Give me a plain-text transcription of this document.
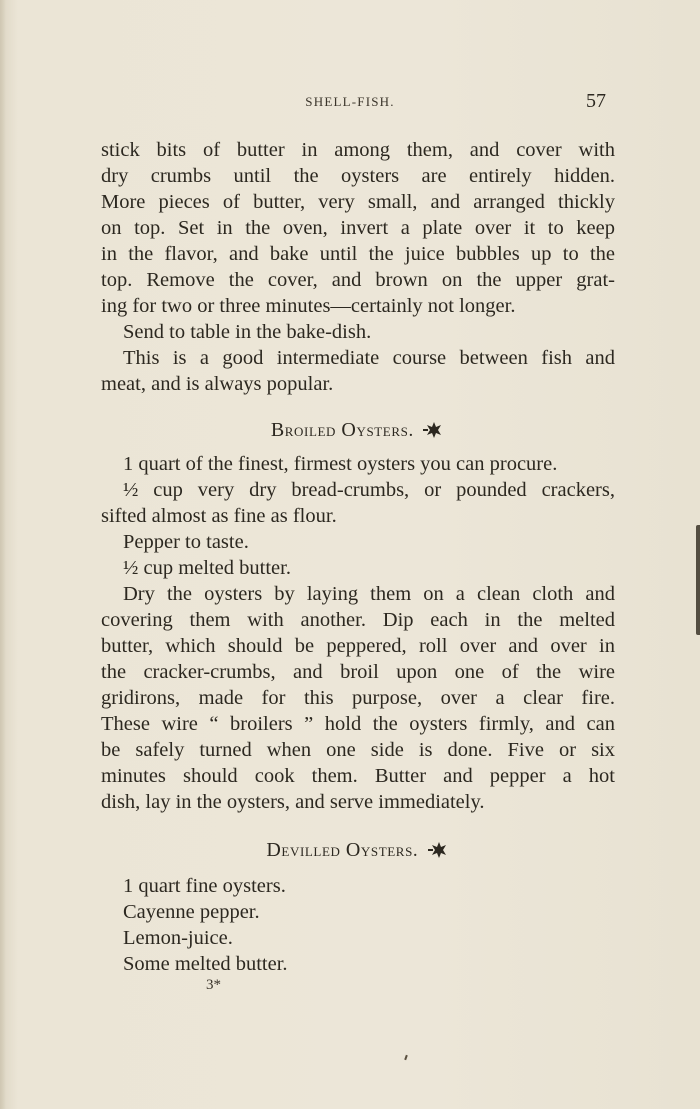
SHELL-FISH.	57
stick bits of butter in among them, and cover with
dry crumbs until the oysters are entirely hidden.
More pieces of butter, very small, and arranged thickly
on top. Set in the oven, invert a plate over it to keep
in the flavor, and bake until the juice bubbles up to the
top. Remove the cover, and brown on the upper grat-
ing for two or three minutes—certainly not longer.
Send to table in the bake-dish.
This is a good intermediate course between fish and
meat, and is always popular.
Broiled Oysters.
1 quart of the finest, firmest oysters you can procure.
½ cup very dry bread-crumbs, or pounded crackers,
sifted almost as fine as flour.
Pepper to taste.
½ cup melted butter.
Dry the oysters by laying them on a clean cloth and
covering them with another. Dip each in the melted
butter, which should be peppered, roll over and over in
the cracker-crumbs, and broil upon one of the wire
gridirons, made for this purpose, over a clear fire.
These wire “ broilers ” hold the oysters firmly, and can
be safely turned when one side is done. Five or six
minutes should cook them. Butter and pepper a hot
dish, lay in the oysters, and serve immediately.
Devilled Oysters.
1 quart fine oysters.
Cayenne pepper.
Lemon-juice.
Some melted butter.
3*
